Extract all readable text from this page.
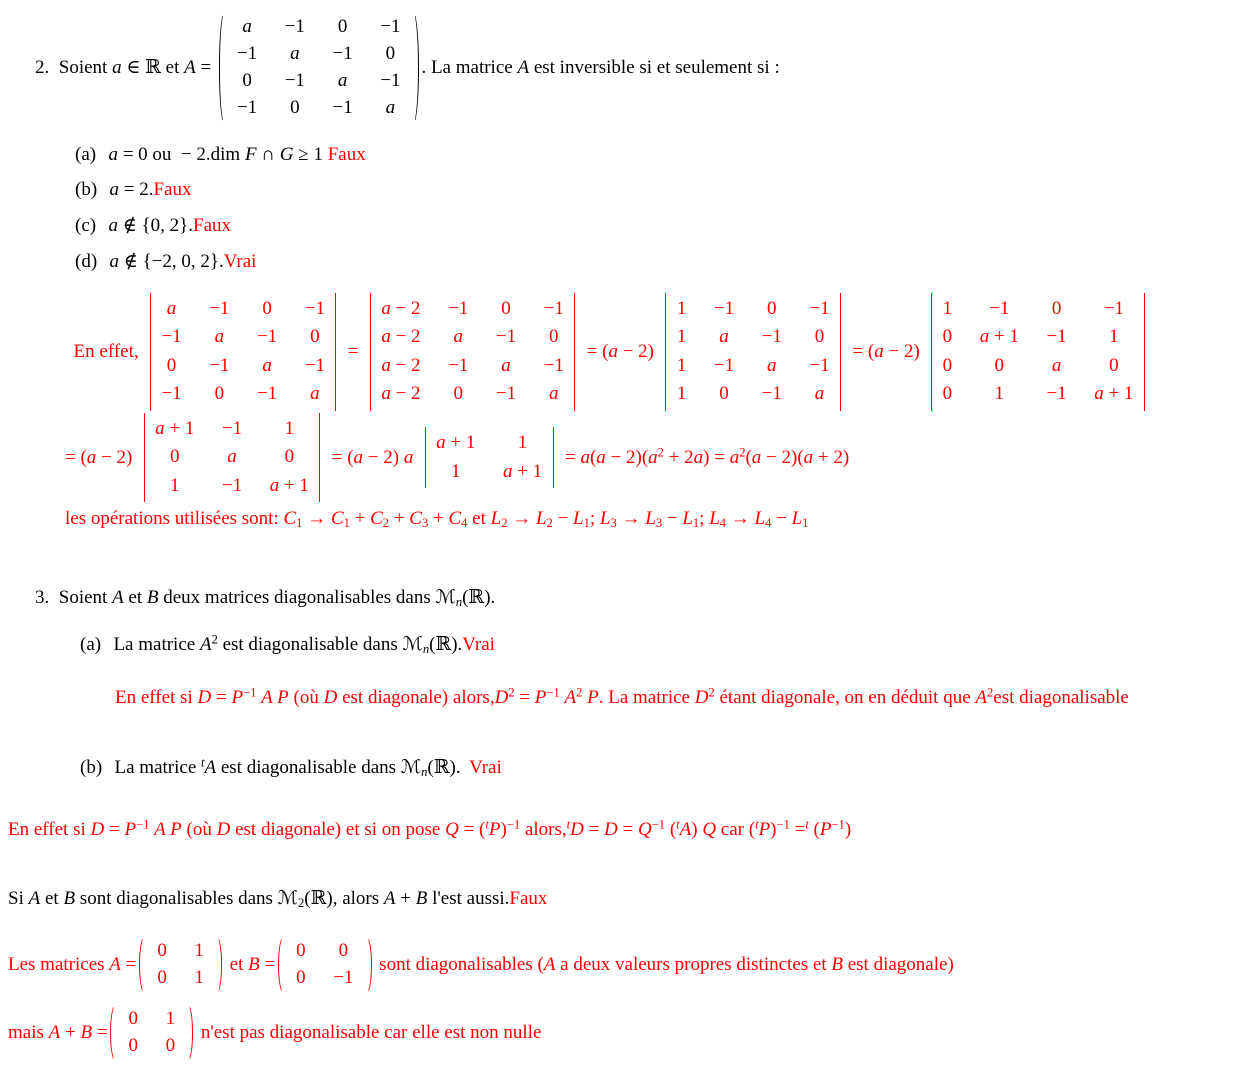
2.
Soient a ∈ ℝ et A =

a −1 0 −1
−1 a −1 0
0 −1 a −1
−1 0 −1 a
. La matrice A est inversible si et seulement si :
(a) a = 0 ou  − 2.dim F ∩ G ≥ 1 Faux
(b) a = 2. Faux
(c) a ∉ {0, 2}. Faux
(d) a ∉ {−2, 0, 2}. Vrai
En effet,
a −1 0 −1
−1 a −1 0
0 −1 a −1
−1 0 −1 a
=
a − 2 −1 0 −1
a − 2 a −1 0
a − 2 −1 a −1
a − 2 0 −1 a
= (a − 2)
1 −1 0 −1
1 a −1 0
1 −1 a −1
1 0 −1 a
= (a − 2)
1 −1 0 −1
0 a + 1 −1 1
0 0	a	0
0 1 −1 a + 1
= (a − 2)
a + 1 −1 1
0	a	0
1 −1 a + 1
= (a − 2) a
a + 1 1
1 a + 1
= $a(a - 2)(a^2 + 2a) = a^2(a - 2)(a + 2)$
les opérations utilisées sont: $C_1 \to C_1 + C_2 + C_3 + C_4$ et $L_2 \to L_2 - L_1$; $L_3 \to L_3 - L_1$; $L_4 \to L_4 - L_1$
3.
Soient A et B deux matrices diagonalisables dans ℳ$_n$(ℝ).
(a) La matrice $A^2$ est diagonalisable dans ℳ$_n$(ℝ). Vrai
En effet si $D = P^{-1}$ A P (où D est diagonale) $alors,D^2 = P^{-1}$ $A^2$ P. La matrice $D^2$ étant diagonale, on en déduit que $A^2est$ diagonalisable
(b) La matrice $^t$A est diagonalisable dans ℳ$_n$(ℝ). Vrai
En effet si $D = P^{-1}$ A P (où D est diagonale) et si on pose $Q = (^tP)^{-1}$ alors,$^t$D = $D = Q^{-1}$ ($^t$A) Q car $(^tP)^{-1} =^t$ $(P^{-1})$
Si A et B sont diagonalisables dans ℳ$_2$(ℝ), alors A + B l'est aussi.Faux
Les matrices A =
0 1
0 1
et B =
0 0
0 −1
sont diagonalisables (A a deux valeurs propres distinctes et B est diagonale)
mais A + B =
0 1
0 0
n'est pas diagonalisable car elle est non nulle
